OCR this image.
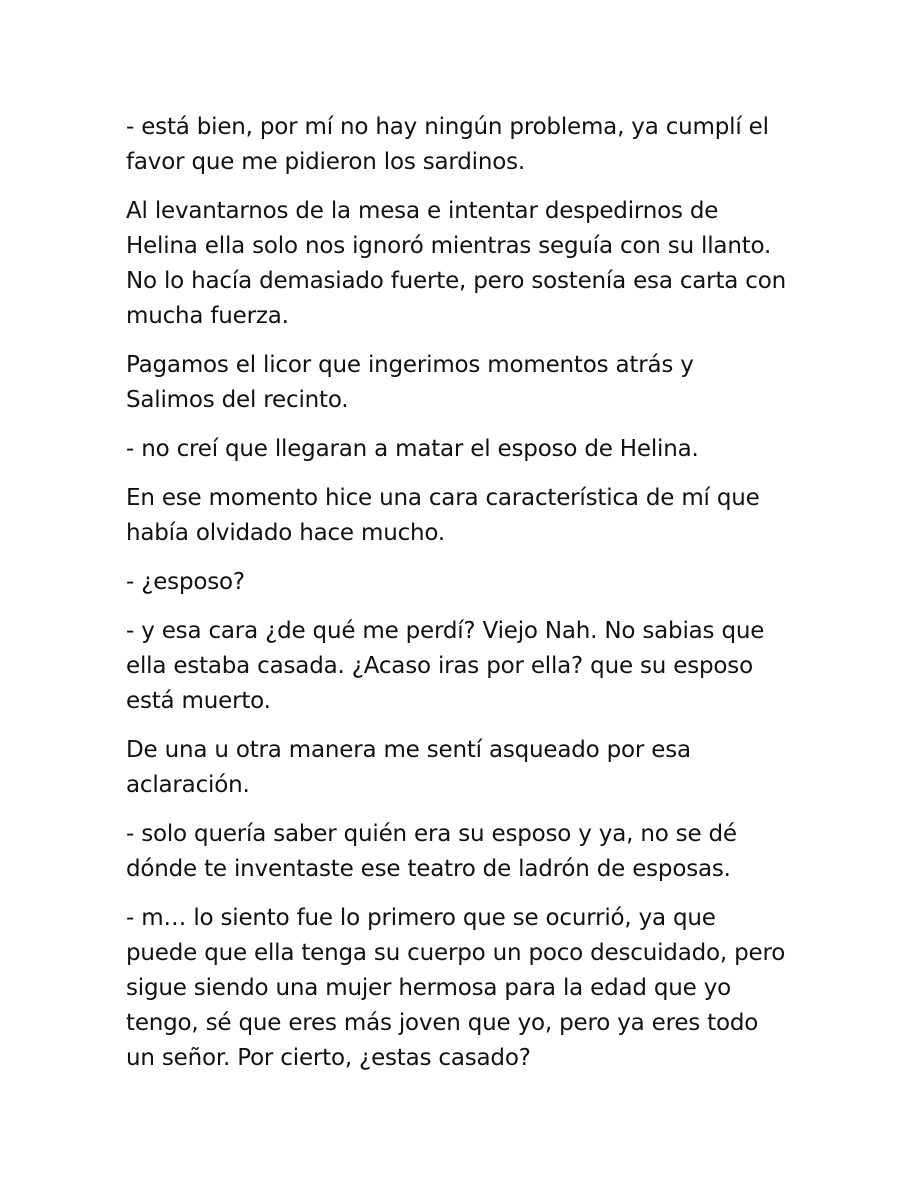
- está bien, por mí no hay ningún problema, ya cumplí el favor que me pidieron los sardinos.

Al levantarnos de la mesa e intentar despedirnos de Helina ella solo nos ignoró mientras seguía con su llanto. No lo hacía demasiado fuerte, pero sostenía esa carta con mucha fuerza.

Pagamos el licor que ingerimos momentos atrás y Salimos del recinto.

- no creí que llegaran a matar el esposo de Helina.

En ese momento hice una cara característica de mí que había olvidado hace mucho.

- ¿esposo?

- y esa cara ¿de qué me perdí? Viejo Nah. No sabias que ella estaba casada. ¿Acaso iras por ella? que su esposo está muerto.

De una u otra manera me sentí asqueado por esa aclaración.

- solo quería saber quién era su esposo y ya, no se dé dónde te inventaste ese teatro de ladrón de esposas.

- m… lo siento fue lo primero que se ocurrió, ya que puede que ella tenga su cuerpo un poco descuidado, pero sigue siendo una mujer hermosa para la edad que yo tengo, sé que eres más joven que yo, pero ya eres todo un señor. Por cierto, ¿estas casado?
